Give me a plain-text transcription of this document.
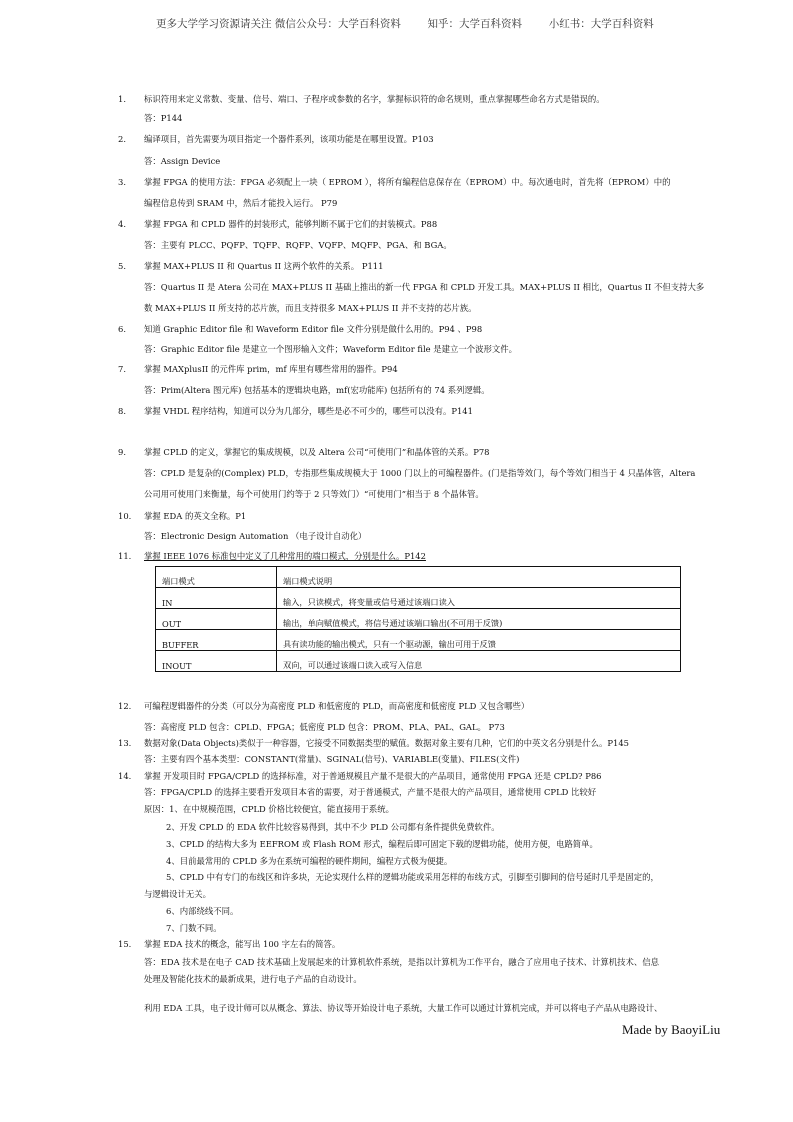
更多大学学习资源请关注 微信公众号：大学百科资料        知乎：大学百科资料        小红书：大学百科资料
1. 标识符用来定义常数、变量、信号、端口、子程序或参数的名字，掌握标识符的命名规则，重点掌握哪些命名方式是错误的。
答：P144
2. 编译项目，首先需要为项目指定一个器件系列，该项功能是在哪里设置。P103
答：Assign Device
3. 掌握 FPGA 的使用方法：FPGA 必须配上一块（ EPROM ），将所有编程信息保存在（EPROM）中。每次通电时，首先将（EPROM）中的
编程信息传到 SRAM 中，然后才能投入运行。 P79
4. 掌握 FPGA 和 CPLD 器件的封装形式，能够判断不属于它们的封装模式。P88
答：主要有 PLCC、PQFP、TQFP、RQFP、VQFP、MQFP、PGA、和 BGA。
5. 掌握 MAX+PLUS II 和 Quartus II 这两个软件的关系。 P111
答：Quartus II 是 Atera 公司在 MAX+PLUS II 基础上推出的新一代 FPGA 和 CPLD 开发工具。MAX+PLUS II 相比，Quartus II 不但支持大多
数 MAX+PLUS II 所支持的芯片族，而且支持很多 MAX+PLUS II 并不支持的芯片族。
6. 知道 Graphic Editor file 和 Waveform Editor file 文件分别是做什么用的。P94 、P98
答：Graphic Editor file 是建立一个图形输入文件；Waveform Editor file 是建立一个波形文件。
7. 掌握 MAXplusII 的元件库 prim，mf 库里有哪些常用的器件。P94
答：Prim(Altera 图元库) 包括基本的逻辑块电路，mf(宏功能库) 包括所有的 74 系列逻辑。
8. 掌握 VHDL 程序结构，知道可以分为几部分，哪些是必不可少的，哪些可以没有。P141
9. 掌握 CPLD 的定义，掌握它的集成规模，以及 Altera 公司“可使用门”和晶体管的关系。P78
答：CPLD 是复杂的(Complex) PLD，专指那些集成规模大于 1000 门以上的可编程器件。(门是指等效门，每个等效门相当于 4 只晶体管，Altera
公司用可使用门来衡量，每个可使用门约等于 2 只等效门）“可使用门”相当于 8 个晶体管。
10. 掌握 EDA 的英文全称。P1
答：Electronic Design Automation （电子设计自动化）
11. 掌握 IEEE 1076 标准包中定义了几种常用的端口模式，分别是什么。P142
端口模式	端口模式说明
IN	输入，只读模式，将变量或信号通过该端口读入
OUT	输出，单向赋值模式，将信号通过该端口输出(不可用于反馈)
BUFFER	具有读功能的输出模式，只有一个驱动源，输出可用于反馈
INOUT	双向，可以通过该端口读入或写入信息
12. 可编程逻辑器件的分类（可以分为高密度 PLD 和低密度的 PLD，而高密度和低密度 PLD 又包含哪些）
答：高密度 PLD 包含：CPLD、FPGA；低密度 PLD 包含：PROM、PLA、PAL、GAL。 P73
13. 数据对象(Data Objects)类似于一种容器，它接受不同数据类型的赋值。数据对象主要有几种，它们的中英文名分别是什么。P145
答：主要有四个基本类型：CONSTANT(常量)、SGINAL(信号)、VARIABLE(变量)、FILES(文件)
14. 掌握 开发项目时 FPGA/CPLD 的选择标准，对于普通规模且产量不是很大的产品项目，通常使用 FPGA 还是 CPLD? P86
答：FPGA/CPLD 的选择主要看开发项目本省的需要，对于普通模式，产量不是很大的产品项目，通常使用 CPLD 比较好
原因：1、在中规模范围，CPLD 价格比较便宜，能直接用于系统。
2、开发 CPLD 的 EDA 软件比较容易得到，其中不少 PLD 公司都有条件提供免费软件。
3、CPLD 的结构大多为 EEFROM 或 Flash ROM 形式，编程后即可固定下载的逻辑功能，使用方便，电路简单。
4、目前最常用的 CPLD 多为在系统可编程的硬件期间，编程方式极为便捷。
5、CPLD 中有专门的布线区和许多块，无论实现什么样的逻辑功能或采用怎样的布线方式，引脚至引脚间的信号延时几乎是固定的，
与逻辑设计无关。
6、内部绕线不同。
7、门数不同。
15. 掌握 EDA 技术的概念，能写出 100 字左右的简答。
答：EDA 技术是在电子 CAD 技术基础上发展起来的计算机软件系统，是指以计算机为工作平台，融合了应用电子技术、计算机技术、信息
处理及智能化技术的最新成果，进行电子产品的自动设计。
利用 EDA 工具，电子设计师可以从概念、算法、协议等开始设计电子系统，大量工作可以通过计算机完成，并可以将电子产品从电路设计、
Made by BaoyiLiu
